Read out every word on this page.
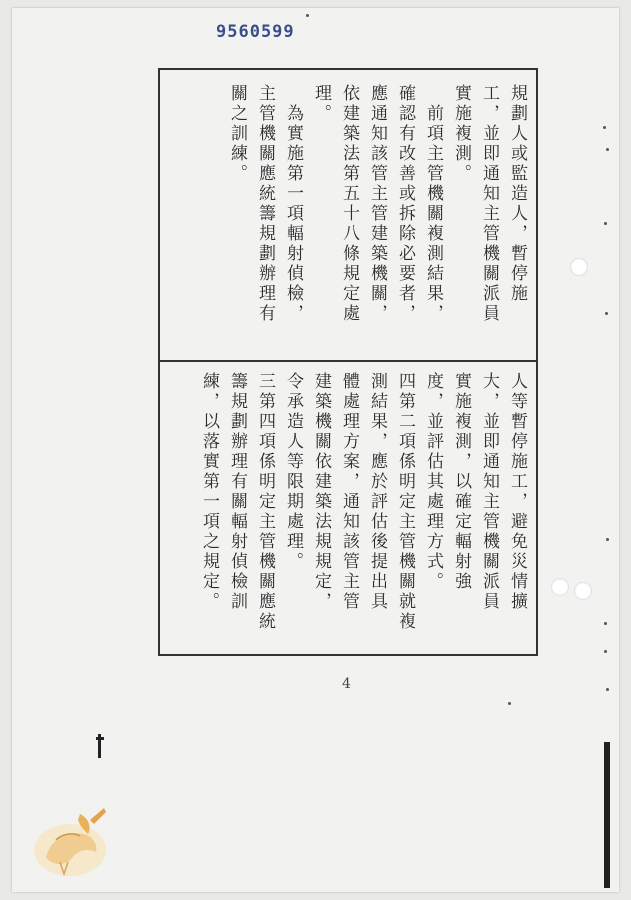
9560599
規劃人或監造人，暫停施
工，並即通知主管機關派員
實施複測。
　前項主管機關複測結果，
確認有改善或拆除必要者，
應通知該管主管建築機關，
依建築法第五十八條規定處
理。
　為實施第一項輻射偵檢，
主管機關應統籌規劃辦理有
關之訓練。
人等暫停施工，避免災情擴
大，並即通知主管機關派員
實施複測，以確定輻射強
度，並評估其處理方式。
四第二項係明定主管機關就複
測結果，應於評估後提出具
體處理方案，通知該管主管
建築機關依建築法規規定，
令承造人等限期處理。
三第四項係明定主管機關應統
籌規劃辦理有關輻射偵檢訓
練，以落實第一項之規定。
4
